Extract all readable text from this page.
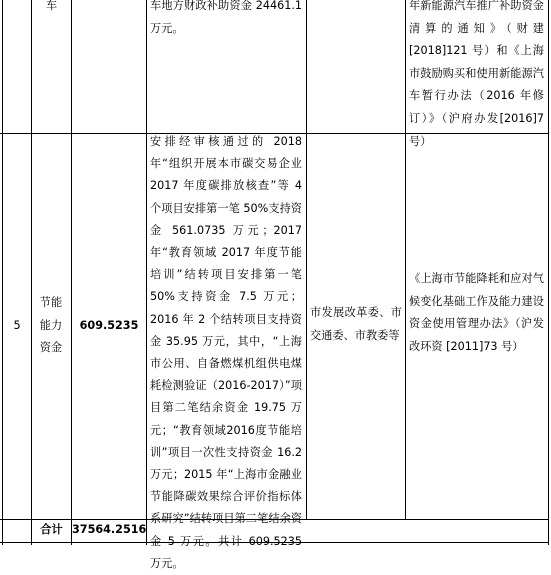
车	车地方财政补助资金 24461.1 万元。
年新能源汽车推广补助资金清算的通知》（财建[2018]121 号）和《上海市鼓励购买和使用新能源汽车暂行办法（2016 年修订）》（沪府办发[2016]7 号）
5
节能能力资金
609.5235
安排经审核通过的 2018 年“组织开展本市碳交易企业 2017 年度碳排放核查”等 4 个项目安排第一笔 50%支持资金 561.0735 万元；2017 年“教育领域 2017 年度节能培训”结转项目安排第一笔 50%支持资金 7.5 万元；2016 年 2 个结转项目支持资金 35.95 万元，其中，“上海市公用、自备燃煤机组供电煤耗检测验证（2016-2017）”项目第二笔结余资金 19.75 万元；“教育领域2016度节能培训”项目一次性支持资金 16.2 万元；2015 年“上海市金融业节能降碳效果综合评价指标体系研究”结转项目第二笔结余资金 5 万元。共计 609.5235 万元。
市发展改革委、市交通委、市教委等
《上海市节能降耗和应对气候变化基础工作及能力建设资金使用管理办法》（沪发改环资 [2011]73 号）
合计 37564.2516
